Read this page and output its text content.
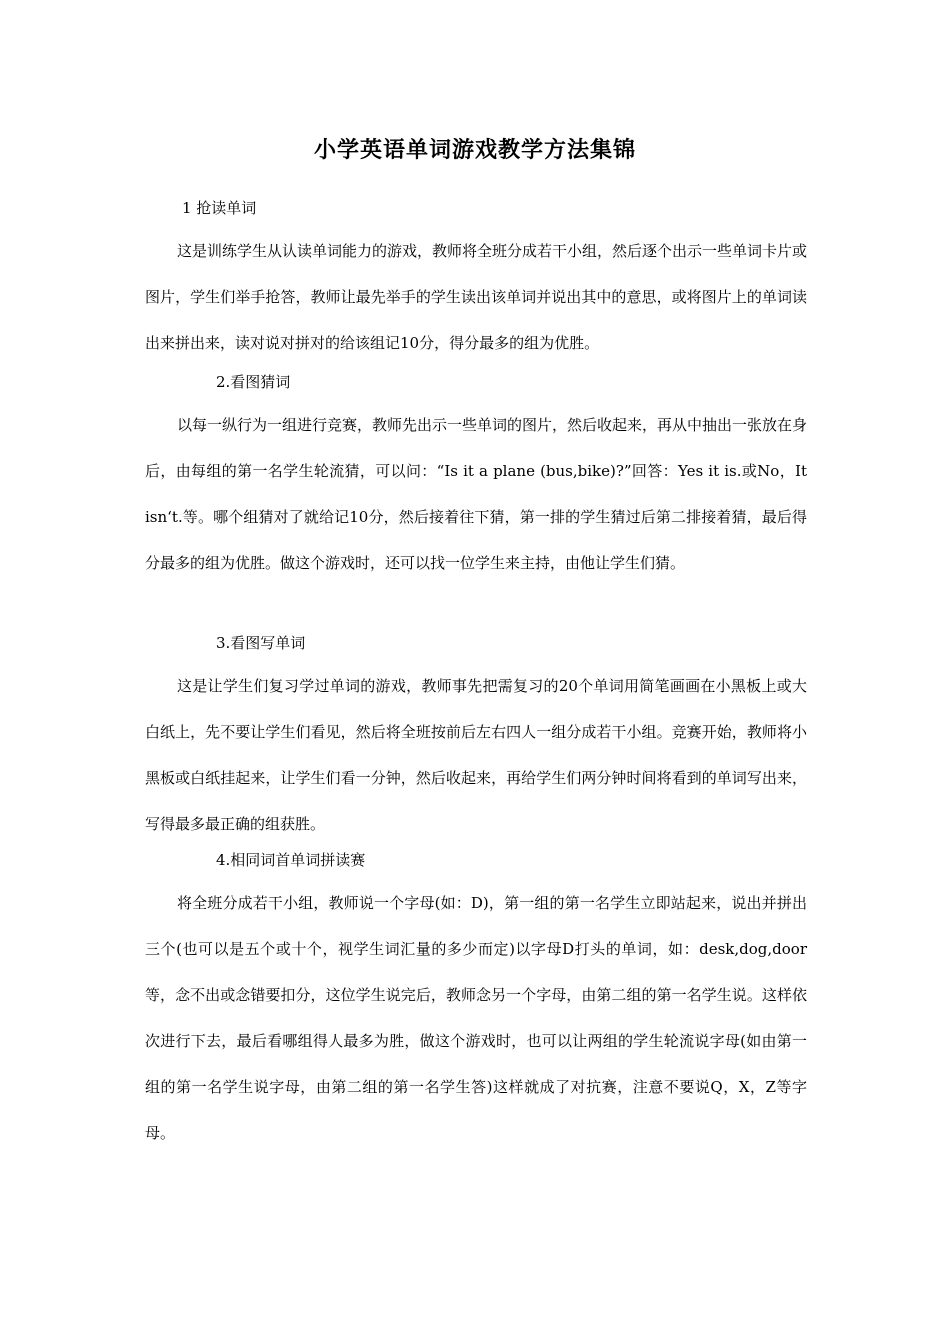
小学英语单词游戏教学方法集锦
1 抢读单词
这是训练学生从认读单词能力的游戏，教师将全班分成若干小组，然后逐个出示一些单词卡片或图片，学生们举手抢答，教师让最先举手的学生读出该单词并说出其中的意思，或将图片上的单词读出来拼出来，读对说对拼对的给该组记10分，得分最多的组为优胜。
2.看图猜词
以每一纵行为一组进行竞赛，教师先出示一些单词的图片，然后收起来，再从中抽出一张放在身后，由每组的第一名学生轮流猜，可以问：“Is it a plane (bus,bike)?”回答：Yes it is.或No，It isn‘t.等。哪个组猜对了就给记10分，然后接着往下猜，第一排的学生猜过后第二排接着猜，最后得分最多的组为优胜。做这个游戏时，还可以找一位学生来主持，由他让学生们猜。
3.看图写单词
这是让学生们复习学过单词的游戏，教师事先把需复习的20个单词用简笔画画在小黑板上或大白纸上，先不要让学生们看见，然后将全班按前后左右四人一组分成若干小组。竞赛开始，教师将小黑板或白纸挂起来，让学生们看一分钟，然后收起来，再给学生们两分钟时间将看到的单词写出来，写得最多最正确的组获胜。
4.相同词首单词拼读赛
将全班分成若干小组，教师说一个字母(如：D)，第一组的第一名学生立即站起来，说出并拼出三个(也可以是五个或十个，视学生词汇量的多少而定)以字母D打头的单词，如：desk,dog,door等，念不出或念错要扣分，这位学生说完后，教师念另一个字母，由第二组的第一名学生说。这样依次进行下去，最后看哪组得人最多为胜，做这个游戏时，也可以让两组的学生轮流说字母(如由第一组的第一名学生说字母，由第二组的第一名学生答)这样就成了对抗赛，注意不要说Q，X，Z等字母。
